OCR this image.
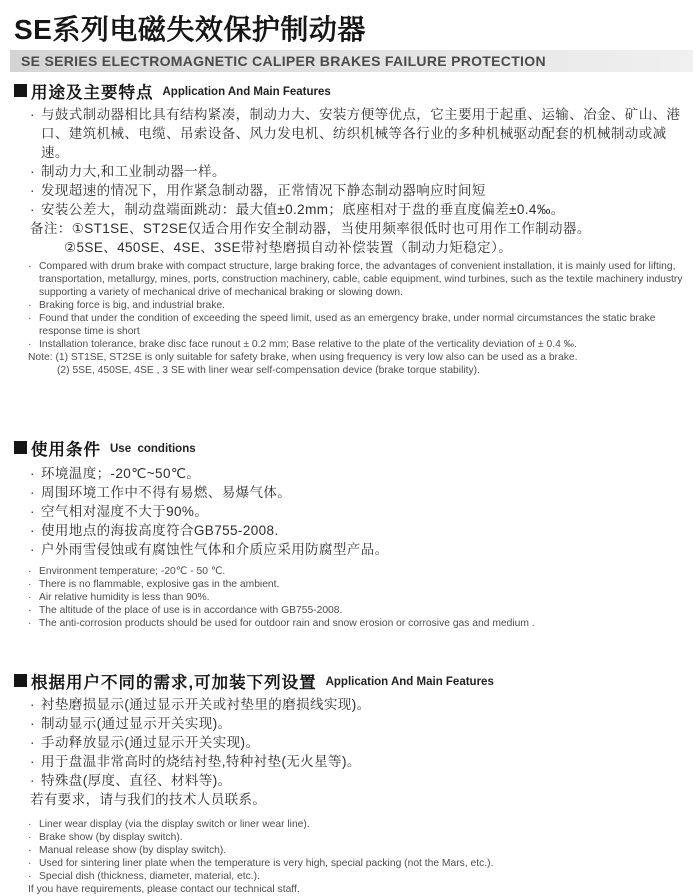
SE系列电磁失效保护制动器
SE SERIES ELECTROMAGNETIC CALIPER BRAKES FAILURE PROTECTION
用途及主要特点 Application And Main Features
· 与鼓式制动器相比具有结构紧凑，制动力大、安装方便等优点，它主要用于起重、运输、冶金、矿山、港口、建筑机械、电缆、吊索设备、风力发电机、纺织机械等各行业的多种机械驱动配套的机械制动或减速。
· 制动力大,和工业制动器一样。
· 发现超速的情况下，用作紧急制动器，正常情况下静态制动器响应时间短
· 安装公差大，制动盘端面跳动：最大值±0.2mm；底座相对于盘的垂直度偏差±0.4‰。
备注：①ST1SE、ST2SE仅适合用作安全制动器，当使用频率很低时也可用作工作制动器。
②5SE、450SE、4SE、3SE带衬垫磨损自动补偿装置（制动力矩稳定）。
· Compared with drum brake with compact structure, large braking force, the advantages of convenient installation, it is mainly used for lifting, transportation, metallurgy, mines, ports, construction machinery, cable, cable equipment, wind turbines, such as the textile machinery industry supporting a variety of mechanical drive of mechanical braking or slowing down.
· Braking force is big, and industrial brake.
· Found that under the condition of exceeding the speed limit, used as an emergency brake, under normal circumstances the static brake response time is short
· Installation tolerance, brake disc face runout ± 0.2 mm; Base relative to the plate of the verticality deviation of ± 0.4 ‰.
Note: (1) ST1SE, ST2SE is only suitable for safety brake, when using frequency is very low also can be used as a brake.
(2) 5SE, 450SE, 4SE , 3 SE with liner wear self-compensation device (brake torque stability).
使用条件 Use  conditions
· 环境温度；-20℃~50℃。
· 周围环境工作中不得有易燃、易爆气体。
· 空气相对湿度不大于90%。
· 使用地点的海拔高度符合GB755-2008.
· 户外雨雪侵蚀或有腐蚀性气体和介质应采用防腐型产品。
· Environment temperature; -20℃ - 50 ℃.
· There is no flammable, explosive gas in the ambient.
· Air relative humidity is less than 90%.
· The altitude of the place of use is in accordance with GB755-2008.
· The anti-corrosion products should be used for outdoor rain and snow erosion or corrosive gas and medium .
根据用户不同的需求,可加装下列设置 Application And Main Features
· 衬垫磨损显示(通过显示开关或衬垫里的磨损线实现)。
· 制动显示(通过显示开关实现)。
· 手动释放显示(通过显示开关实现)。
· 用于盘温非常高时的烧结衬垫,特种衬垫(无火星等)。
· 特殊盘(厚度、直径、材料等)。
若有要求，请与我们的技术人员联系。
· Liner wear display (via the display switch or liner wear line).
· Brake show (by display switch).
· Manual release show (by display switch).
· Used for sintering liner plate when the temperature is very high, special packing (not the Mars, etc.).
· Special dish (thickness, diameter, material, etc.).
If you have requirements, please contact our technical staff.
